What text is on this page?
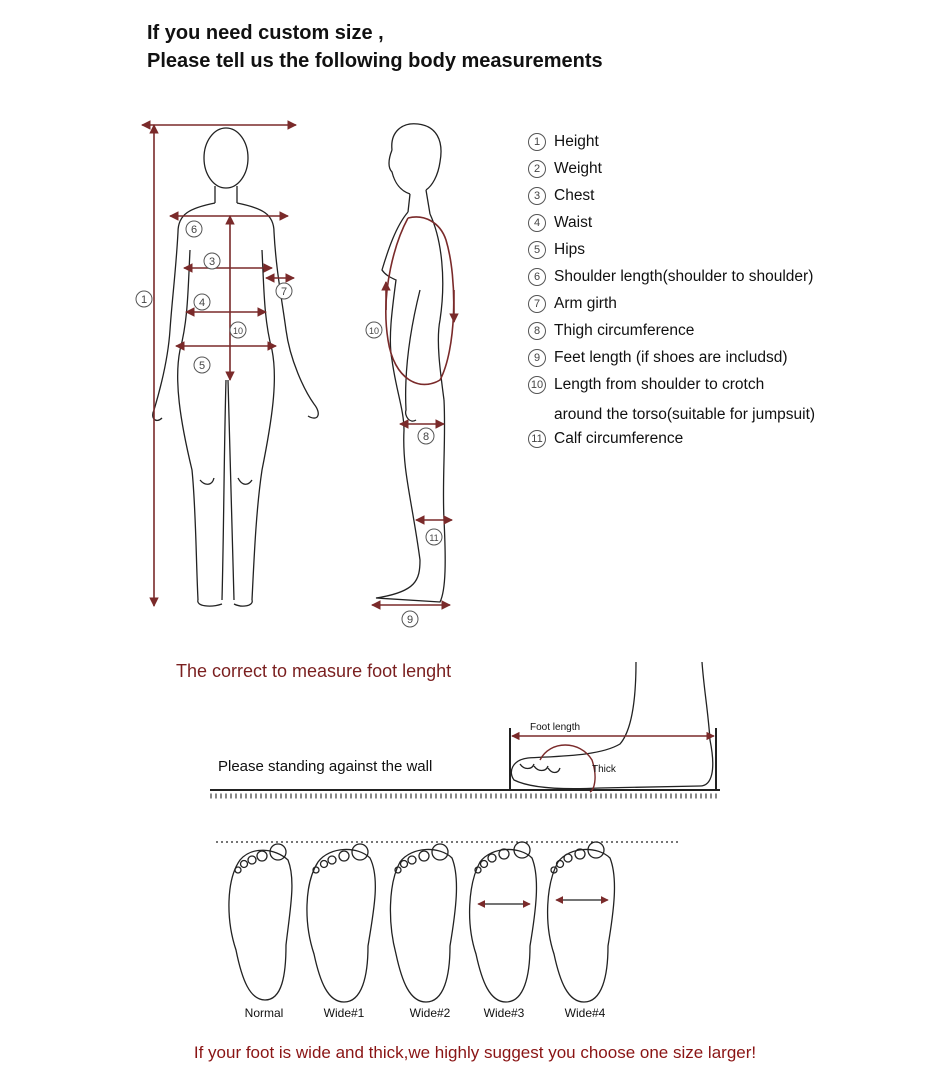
If you need custom size ,
Please tell us the following body measurements
1
6
3
7
4
10
5
10
8
11
9
1 Height
2 Weight
3 Chest
4 Waist
5 Hips
6 Shoulder length(shoulder to shoulder)
7 Arm girth
8 Thigh circumference
9 Feet length (if shoes are includsd)
10 Length from shoulder to crotch
around the torso(suitable for jumpsuit)
11 Calf circumference
The correct to measure foot lenght
Please standing against the wall
Foot length
Thick
Normal	Wide#1	Wide#2	Wide#3	Wide#4
If your foot is wide and thick,we highly suggest you choose one size larger!
